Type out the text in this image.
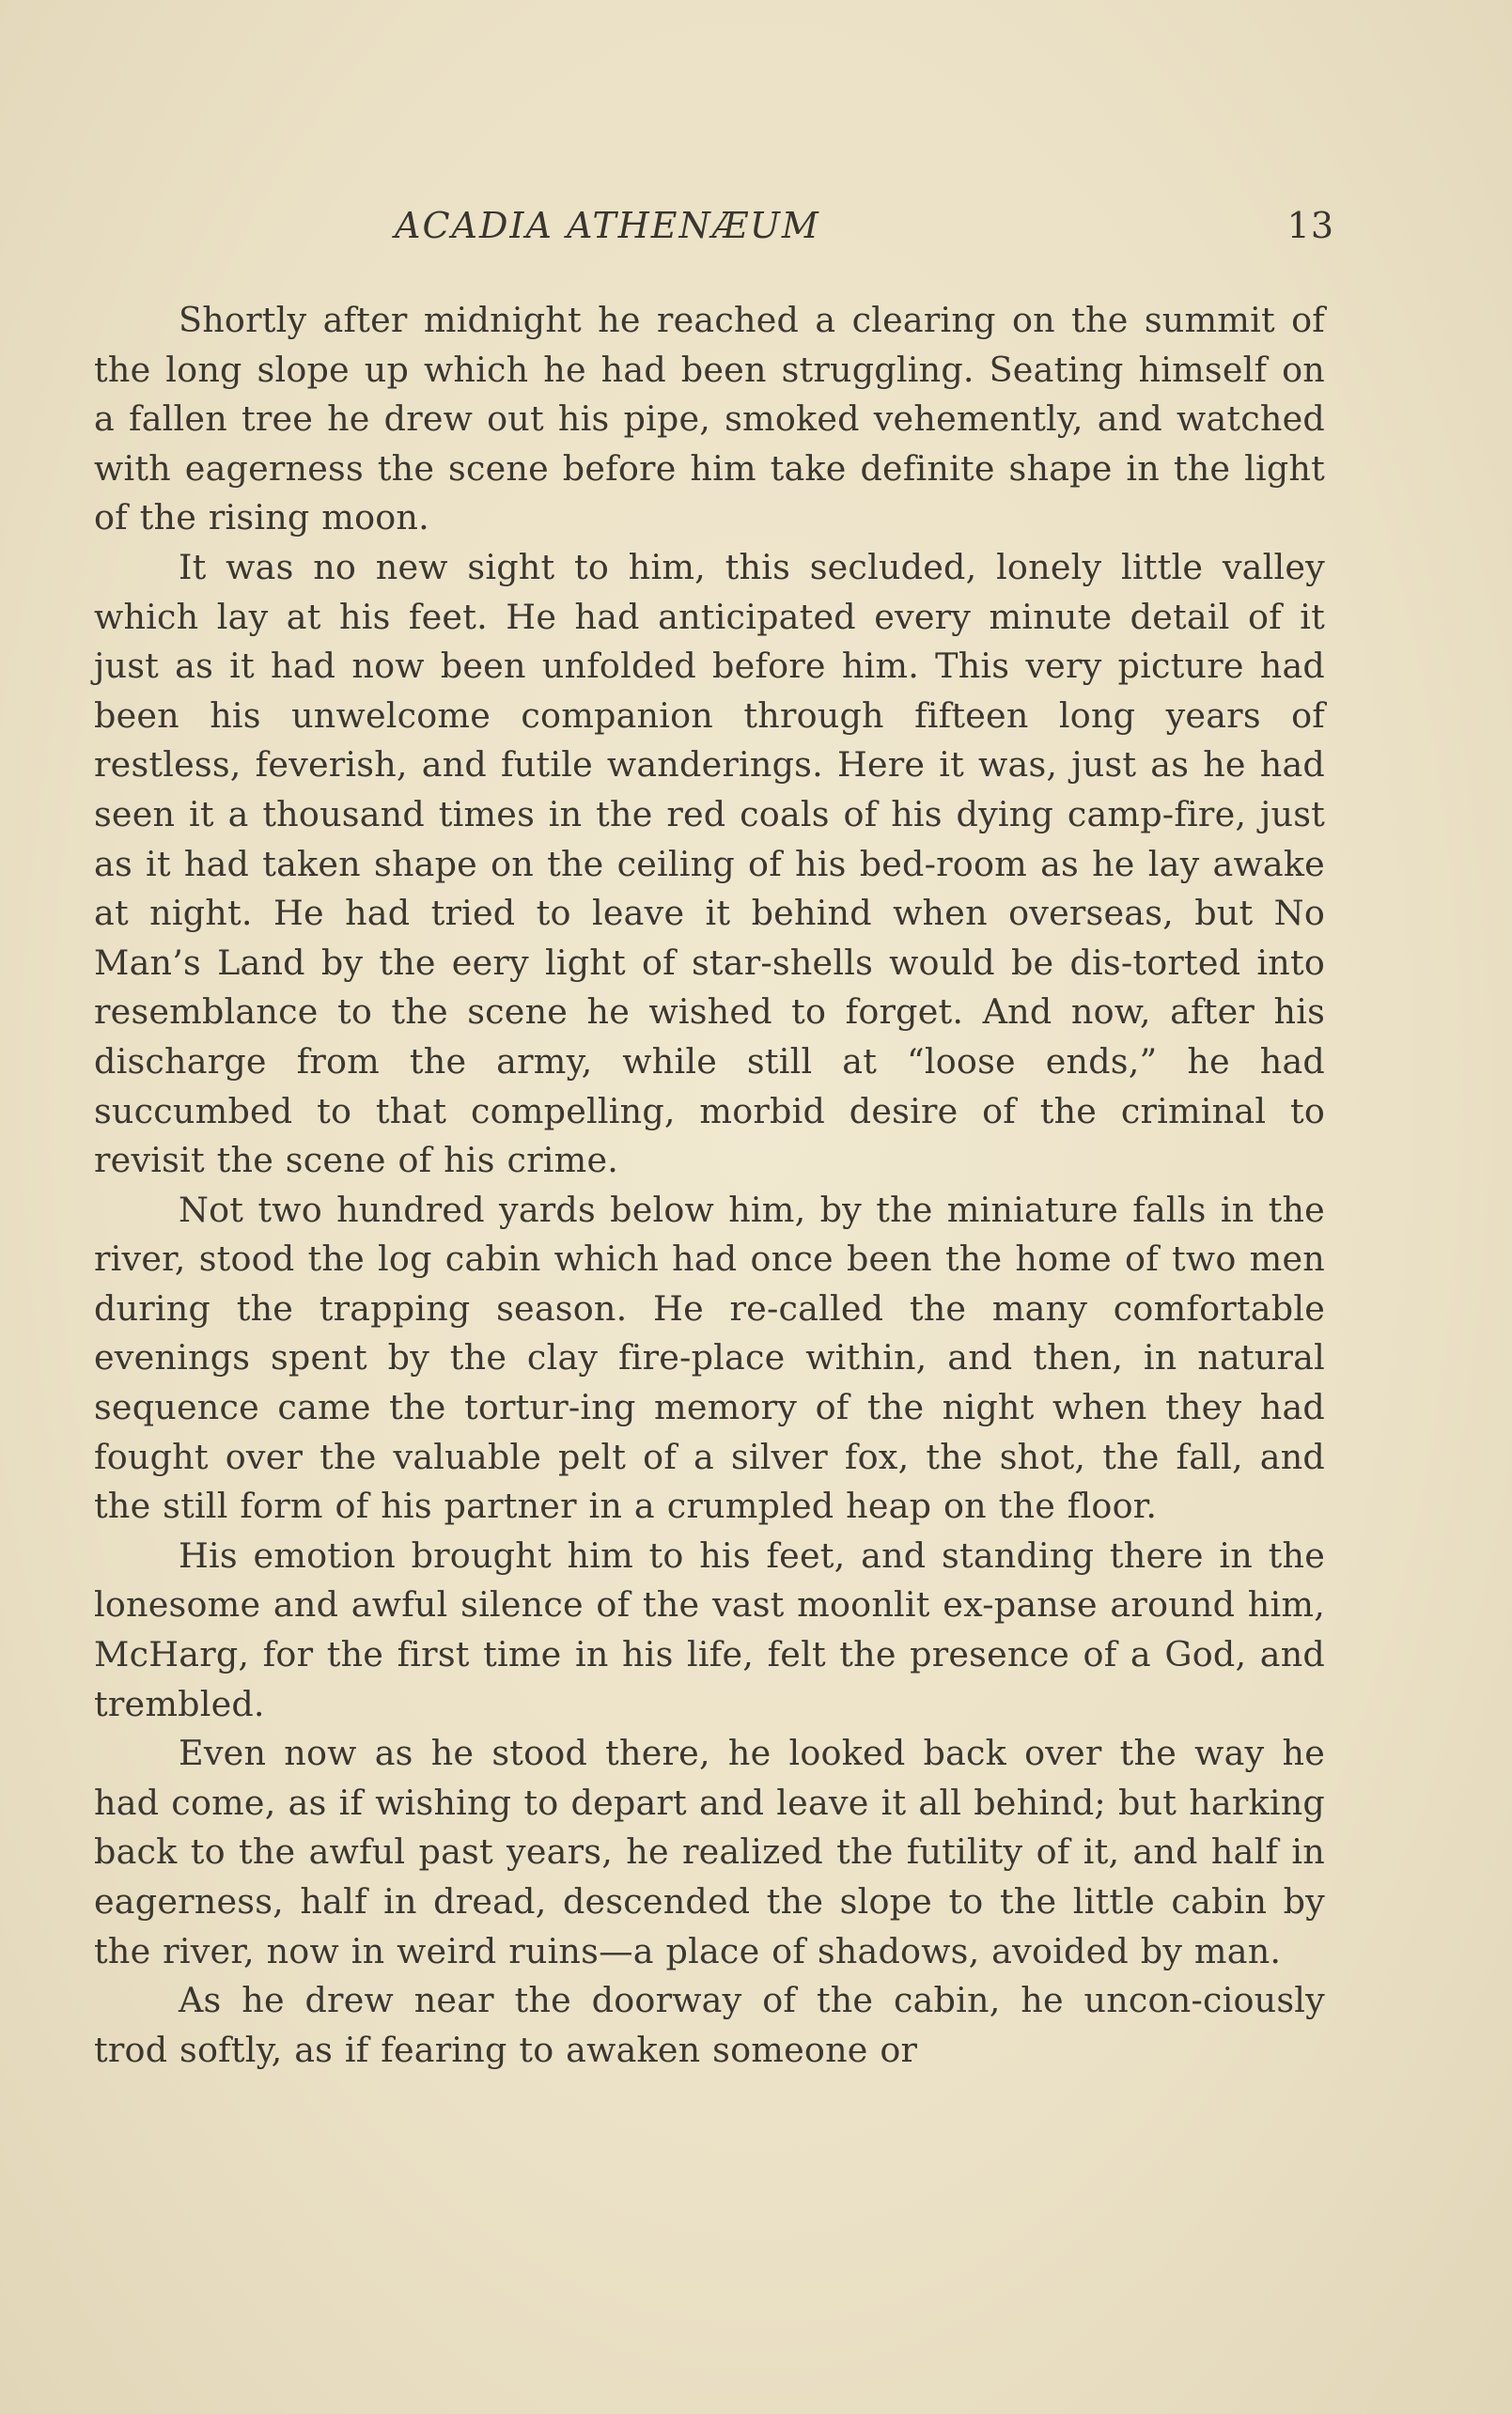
ACADIA ATHENÆUM	13

Shortly after midnight he reached a clearing on the summit of the long slope up which he had been struggling. Seating himself on a fallen tree he drew out his pipe, smoked vehemently, and watched with eagerness the scene before him take definite shape in the light of the rising moon.

It was no new sight to him, this secluded, lonely little valley which lay at his feet. He had anticipated every minute detail of it just as it had now been unfolded before him. This very picture had been his unwelcome companion through fifteen long years of restless, feverish, and futile wanderings. Here it was, just as he had seen it a thousand times in the red coals of his dying camp-fire, just as it had taken shape on the ceiling of his bed-room as he lay awake at night. He had tried to leave it behind when overseas, but No Man’s Land by the eery light of star-shells would be dis-torted into resemblance to the scene he wished to forget. And now, after his discharge from the army, while still at “loose ends,” he had succumbed to that compelling, morbid desire of the criminal to revisit the scene of his crime.

Not two hundred yards below him, by the miniature falls in the river, stood the log cabin which had once been the home of two men during the trapping season. He re-called the many comfortable evenings spent by the clay fire-place within, and then, in natural sequence came the tortur-ing memory of the night when they had fought over the valuable pelt of a silver fox, the shot, the fall, and the still form of his partner in a crumpled heap on the floor.

His emotion brought him to his feet, and standing there in the lonesome and awful silence of the vast moonlit ex-panse around him, McHarg, for the first time in his life, felt the presence of a God, and trembled.

Even now as he stood there, he looked back over the way he had come, as if wishing to depart and leave it all behind; but harking back to the awful past years, he realized the futility of it, and half in eagerness, half in dread, descended the slope to the little cabin by the river, now in weird ruins—a place of shadows, avoided by man.

As he drew near the doorway of the cabin, he uncon-ciously trod softly, as if fearing to awaken someone or
